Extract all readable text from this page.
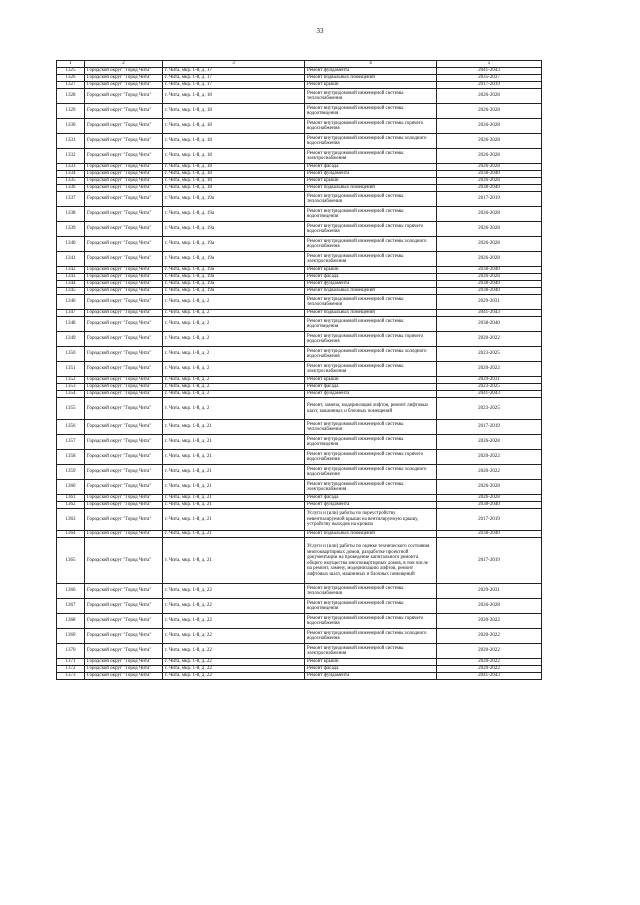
33
1	2	3	4	5
1325	Городской округ "Город Чита"	г. Чита, мкр. 1-й, д. 17	Ремонт фундамента	2041-2043
1326	Городской округ "Город Чита"	г. Чита, мкр. 1-й, д. 17	Ремонт подвальных помещений	2035-2037
1327	Городской округ "Город Чита"	г. Чита, мкр. 1-й, д. 17	Ремонт крыши	2017-2019
1328	Городской округ "Город Чита"	г. Чита, мкр. 1-й, д. 18	Ремонт внутридомовой инженерной системы теплоснабжения	2026-2028
1329	Городской округ "Город Чита"	г. Чита, мкр. 1-й, д. 18	Ремонт внутридомовой инженерной системы водоотведения	2026-2028
1330	Городской округ "Город Чита"	г. Чита, мкр. 1-й, д. 18	Ремонт внутридомовой инженерной системы горячего водоснабжения	2026-2028
1331	Городской округ "Город Чита"	г. Чита, мкр. 1-й, д. 18	Ремонт внутридомовой инженерной системы холодного водоснабжения	2026-2028
1332	Городской округ "Город Чита"	г. Чита, мкр. 1-й, д. 18	Ремонт внутридомовой инженерной системы электроснабжения	2026-2028
1333	Городской округ "Город Чита"	г. Чита, мкр. 1-й, д. 18	Ремонт фасада	2026-2028
1334	Городской округ "Город Чита"	г. Чита, мкр. 1-й, д. 18	Ремонт фундамента	2038-2040
1335	Городской округ "Город Чита"	г. Чита, мкр. 1-й, д. 18	Ремонт крыши	2026-2028
1336	Городской округ "Город Чита"	г. Чита, мкр. 1-й, д. 18	Ремонт подвальных помещений	2038-2040
1337	Городской округ "Город Чита"	г. Чита, мкр. 1-й, д. 19а	Ремонт внутридомовой инженерной системы теплоснабжения	2017-2019
1338	Городской округ "Город Чита"	г. Чита, мкр. 1-й, д. 19а	Ремонт внутридомовой инженерной системы водоотведения	2026-2028
1339	Городской округ "Город Чита"	г. Чита, мкр. 1-й, д. 19а	Ремонт внутридомовой инженерной системы горячего водоснабжения	2026-2028
1340	Городской округ "Город Чита"	г. Чита, мкр. 1-й, д. 19а	Ремонт внутридомовой инженерной системы холодного водоснабжения	2026-2028
1341	Городской округ "Город Чита"	г. Чита, мкр. 1-й, д. 19а	Ремонт внутридомовой инженерной системы электроснабжения	2026-2028
1342	Городской округ "Город Чита"	г. Чита, мкр. 1-й, д. 19а	Ремонт крыши	2038-2040
1343	Городской округ "Город Чита"	г. Чита, мкр. 1-й, д. 19а	Ремонт фасада	2026-2028
1344	Городской округ "Город Чита"	г. Чита, мкр. 1-й, д. 19а	Ремонт фундамента	2038-2040
1345	Городской округ "Город Чита"	г. Чита, мкр. 1-й, д. 19а	Ремонт подвальных помещений	2038-2040
1346	Городской округ "Город Чита"	г. Чита, мкр. 1-й, д. 2	Ремонт внутридомовой инженерной системы теплоснабжения	2029-2031
1347	Городской округ "Город Чита"	г. Чита, мкр. 1-й, д. 2	Ремонт подвальных помещений	2041-2043
1348	Городской округ "Город Чита"	г. Чита, мкр. 1-й, д. 2	Ремонт внутридомовой инженерной системы водоотведения	2038-2040
1349	Городской округ "Город Чита"	г. Чита, мкр. 1-й, д. 2	Ремонт внутридомовой инженерной системы горячего водоснабжения	2020-2022
1350	Городской округ "Город Чита"	г. Чита, мкр. 1-й, д. 2	Ремонт внутридомовой инженерной системы холодного водоснабжения	2023-2025
1351	Городской округ "Город Чита"	г. Чита, мкр. 1-й, д. 2	Ремонт внутридомовой инженерной системы электроснабжения	2020-2022
1352	Городской округ "Город Чита"	г. Чита, мкр. 1-й, д. 2	Ремонт крыши	2029-2031
1353	Городской округ "Город Чита"	г. Чита, мкр. 1-й, д. 2	Ремонт фасада	2023-2025
1354	Городской округ "Город Чита"	г. Чита, мкр. 1-й, д. 2	Ремонт фундамента	2041-2043
1355	Городской округ "Город Чита"	г. Чита, мкр. 1-й, д. 2	Ремонт, замена, модернизация лифтов, ремонт лифтовых шахт, машинных и блочных помещений	2023-2025
1356	Городской округ "Город Чита"	г. Чита, мкр. 1-й, д. 21	Ремонт внутридомовой инженерной системы теплоснабжения	2017-2019
1357	Городской округ "Город Чита"	г. Чита, мкр. 1-й, д. 21	Ремонт внутридомовой инженерной системы водоотведения	2026-2028
1358	Городской округ "Город Чита"	г. Чита, мкр. 1-й, д. 21	Ремонт внутридомовой инженерной системы горячего водоснабжения	2020-2022
1359	Городской округ "Город Чита"	г. Чита, мкр. 1-й, д. 21	Ремонт внутридомовой инженерной системы холодного водоснабжения	2020-2022
1360	Городской округ "Город Чита"	г. Чита, мкр. 1-й, д. 21	Ремонт внутридомовой инженерной системы электроснабжения	2026-2028
1361	Городской округ "Город Чита"	г. Чита, мкр. 1-й, д. 21	Ремонт фасада	2026-2028
1362	Городской округ "Город Чита"	г. Чита, мкр. 1-й, д. 21	Ремонт фундамента	2038-2040
1363	Городской округ "Город Чита"	г. Чита, мкр. 1-й, д. 21	Услуги и (или) работы по переустройству невентилируемой крыши на вентилируемую крышу, устройству выходов на кровлю	2017-2019
1364	Городской округ "Город Чита"	г. Чита, мкр. 1-й, д. 21	Ремонт подвальных помещений	2038-2040
1365	Городской округ "Город Чита"	г. Чита, мкр. 1-й, д. 21	Услуги и (или) работы по оценке технического состояния многоквартирных домов, разработке проектной документации на проведение капитального ремонта общего имущества многоквартирных домов, в том числе на ремонт, замену, модернизацию лифтов, ремонт лифтовых шахт, машинных и блочных помещений	2017-2019
1366	Городской округ "Город Чита"	г. Чита, мкр. 1-й, д. 22	Ремонт внутридомовой инженерной системы теплоснабжения	2029-2031
1367	Городской округ "Город Чита"	г. Чита, мкр. 1-й, д. 22	Ремонт внутридомовой инженерной системы водоотведения	2026-2028
1368	Городской округ "Город Чита"	г. Чита, мкр. 1-й, д. 22	Ремонт внутридомовой инженерной системы горячего водоснабжения	2020-2022
1369	Городской округ "Город Чита"	г. Чита, мкр. 1-й, д. 22	Ремонт внутридомовой инженерной системы холодного водоснабжения	2020-2022
1370	Городской округ "Город Чита"	г. Чита, мкр. 1-й, д. 22	Ремонт внутридомовой инженерной системы электроснабжения	2020-2022
1371	Городской округ "Город Чита"	г. Чита, мкр. 1-й, д. 22	Ремонт крыши	2020-2022
1372	Городской округ "Город Чита"	г. Чита, мкр. 1-й, д. 22	Ремонт фасада	2020-2022
1373	Городской округ "Город Чита"	г. Чита, мкр. 1-й, д. 22	Ремонт фундамента	2041-2043
